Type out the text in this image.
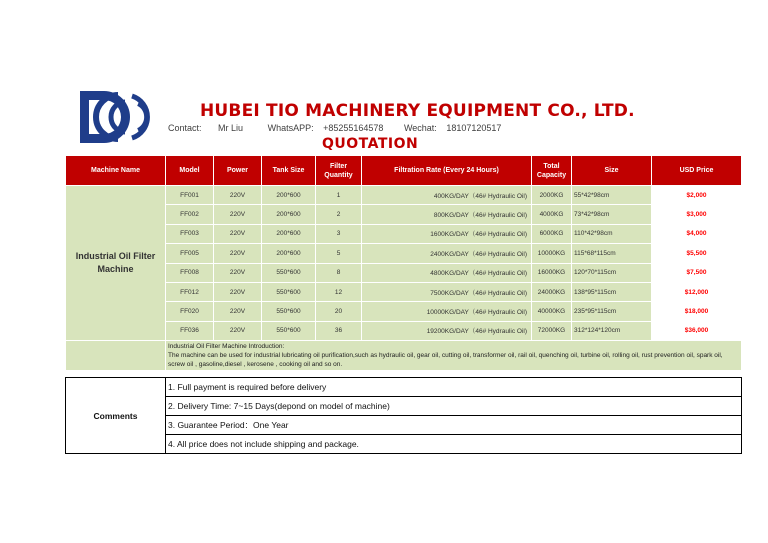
HUBEI TIO MACHINERY EQUIPMENT CO., LTD.
Contact: Mr Liu	WhatsAPP: +85255164578 Wechat: 18107120517
QUOTATION
Machine Name	Model	Power	Tank Size	Filter Quantity	Filtration Rate (Every 24 Hours)	Total Capacity	Size	USD Price
Industrial Oil Filter Machine	FF001	220V	200*600	1	400KG/DAY（46# Hydraulic Oil)	2000KG	55*42*98cm	$2,000
	FF002	220V	200*600	2	800KG/DAY（46# Hydraulic Oil)	4000KG	73*42*98cm	$3,000
	FF003	220V	200*600	3	1600KG/DAY（46# Hydraulic Oil)	6000KG	110*42*98cm	$4,000
	FF005	220V	200*600	5	2400KG/DAY（46# Hydraulic Oil)	10000KG	115*68*115cm	$5,500
	FF008	220V	550*600	8	4800KG/DAY（46# Hydraulic Oil)	16000KG	120*70*115cm	$7,500
	FF012	220V	550*600	12	7500KG/DAY（46# Hydraulic Oil)	24000KG	138*95*115cm	$12,000
	FF020	220V	550*600	20	10000KG/DAY（46# Hydraulic Oil)	40000KG	235*95*115cm	$18,000
	FF036	220V	550*600	36	19200KG/DAY（46# Hydraulic Oil)	72000KG	312*124*120cm	$36,000

	Industrial Oil Filter Machine Introduction:
The machine can be used for industrial lubricating oil purification,such as hydraulic oil, gear oil, cutting oil, transformer oil, rail oil, quenching oil, turbine oil, rolling oil, rust prevention oil, spark oil, screw oil , gasoline,diesel , kerosene , cooking oil and so on.							
Comments	1. Full payment is required before delivery
2. Delivery Time: 7~15 Days(depond on model of machine)
3. Guarantee Period：One Year
4. All price does not include shipping and package.
